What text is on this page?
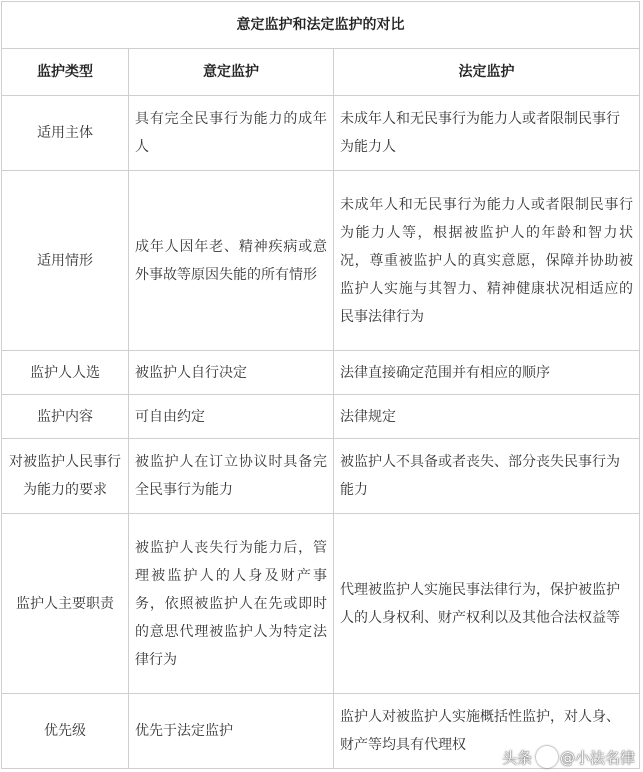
意定监护和法定监护的对比		
监护类型	意定监护	法定监护
适用主体	具有完全民事行为能力的成年人	未成年人和无民事行为能力人或者限制民事行为能力人
适用情形	成年人因年老、精神疾病或意外事故等原因失能的所有情形	未成年人和无民事行为能力人或者限制民事行为能力人等，根据被监护人的年龄和智力状况，尊重被监护人的真实意愿，保障并协助被监护人实施与其智力、精神健康状况相适应的民事法律行为
监护人人选	被监护人自行决定	法律直接确定范围并有相应的顺序
监护内容	可自由约定	法律规定
对被监护人民事行为能力的要求	被监护人在订立协议时具备完全民事行为能力	被监护人不具备或者丧失、部分丧失民事行为能力
监护人主要职责	被监护人丧失行为能力后，管理被监护人的人身及财产事务，依照被监护人在先或即时的意思代理被监护人为特定法律行为	代理被监护人实施民事法律行为，保护被监护人的人身权利、财产权利以及其他合法权益等
优先级	优先于法定监护	监护人对被监护人实施概括性监护，对人身、财产等均具有代理权
头条 @小法名律
